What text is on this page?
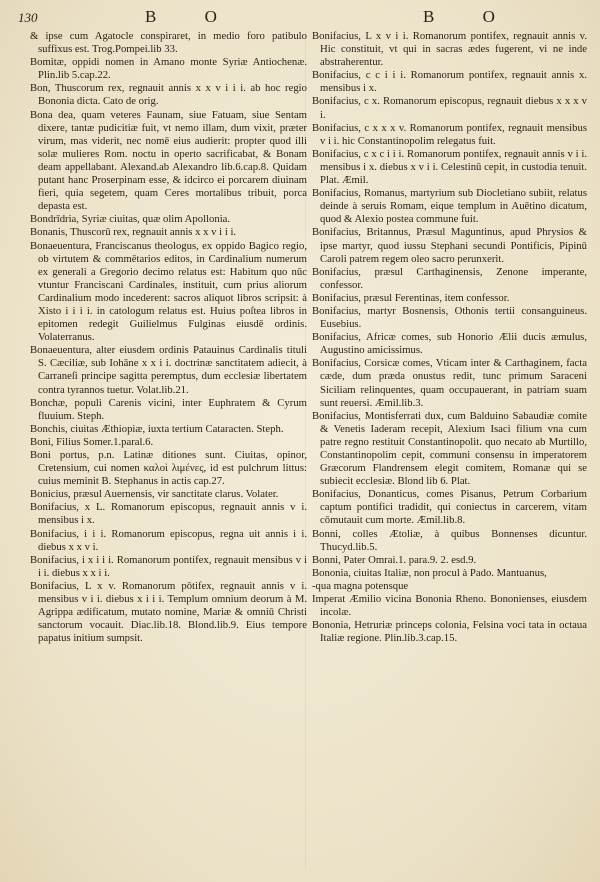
130	B O	B O

& ipse cum Agatocle conspiraret, in medio foro patibulo suffixus est. Trog.Pompei.lib 33.

Bomitæ, oppidi nomen in Amano monte Syriæ Antiochenæ. Plin.lib 5.cap.22.

Bon, Thuscorum rex, regnauit annis x x v i i i. ab hoc regio Bononia dicta. Cato de orig.

Bona dea, quam veteres Faunam, siue Fatuam, siue Sentam dixere, tantæ pudicitiæ fuit, vt nemo illam, dum vixit, præter virum, mas viderit, nec nomē eius audierit: propter quod illi solæ mulieres Rom. noctu in operto sacrificabat, & Bonam deam appellabant. Alexand.ab Alexandro lib.6.cap.8. Quidam putant hanc Proserpinam esse, & idcirco ei porcarem diuinam fieri, quia segetem, quam Ceres mortalibus tribuit, porca depasta est.

Bondrīdria, Syriæ ciuitas, quæ olim Apollonia.

Bonanis, Thuscorū rex, regnauit annis x x v i i i.

Bonaeuentura, Franciscanus theologus, ex oppido Bagico regio, ob virtutem & commētarios editos, in Cardinalium numerum ex generali a Gregorio decimo relatus est: Habitum quo nūc vtuntur Franciscani Cardinales, instituit, cum prius aliorum Cardinalium modo incederent: sacros aliquot libros scripsit: à Xisto i i i i. in catologum relatus est. Huius poſtea libros in epitomen redegit Guilielmus Fulginas eiusdē ordinis. Volaterranus.

Bonaeuentura, alter eiusdem ordinis Patauinus Cardinalis tituli S. Cæciliæ, sub Iohāne x x i i. doctrinæ sanctitatem adiecit, à Carraneſi principe sagitta peremptus, dum ecclesiæ libertatem contra tyrannos tuetur. Volat.lib.21.

Bonchæ, populi Carenis vicini, inter Euphratem & Cyrum fluuium. Steph.

Bonchis, ciuitas Æthiopiæ, iuxta tertium Cataracten. Steph.

Boni, Filius Somer.1.paral.6.

Boni portus, p.n. Latinæ ditiones sunt. Ciuitas, opinor, Cretensium, cui nomen καλοὶ λιμένες, id est pulchrum littus: cuius meminit B. Stephanus in actis cap.27.

Bonicius, præsul Auernensis, vir sanctitate clarus. Volater.

Bonifacius, x L. Romanorum episcopus, regnauit annis v i. mensibus i x.

Bonifacius, i i i. Romanorum episcopus, regna uit annis i i. diebus x x v i.

Bonifacius, i x i i i. Romanorum pontifex, regnauit mensibus v i i i. diebus x x i i.

Bonifacius, L x v. Romanorum pōtifex, regnauit annis v i. mensibus v i i. diebus x i i i. Templum omnium deorum à M. Agrippa ædificatum, mutato nomine, Mariæ & omniū Christi sanctorum vocauit. Diac.lib.18. Blond.lib.9. Eius tempore papatus initium sumpsit.

Bonifacius, L x v i i. Romanorum pontifex, regnauit annis v. Hic constituit, vt qui in sacras ædes fugerent, vi ne inde abstraherentur.

Bonifacius, c c i i i. Romanorum pontifex, regnauit annis x. mensibus i x.

Bonifacius, c x. Romanorum episcopus, regnauit diebus x x x v i.

Bonifacius, c x x x v. Romanorum pontifex, regnauit mensibus v i i. hic Constantinopolim relegatus fuit.

Bonifacius, c x c i i i. Romanorum pontifex, regnauit annis v i i. mensibus i x. diebus x v i i. Celestinū cepit, in custodia tenuit. Plat. Æmil.

Bonifacius, Romanus, martyrium sub Diocletiano subiit, relatus deinde à seruis Romam, eique templum in Auētino dicatum, quod & Alexio postea commune fuit.

Bonifacius, Britannus, Præsul Maguntinus, apud Phrysios & ipse martyr, quod iussu Stephani secundi Pontificis, Pipinū Caroli patrem regem oleo sacro perunxerit.

Bonifacius, præsul Carthaginensis, Zenone imperante, confessor.

Bonifacius, præsul Ferentinas, item confessor.

Bonifacius, martyr Bosnensis, Othonis tertii consanguineus. Eusebius.

Bonifacius, Africæ comes, sub Honorio Ælii ducis æmulus, Augustino amicissimus.

Bonifacius, Corsicæ comes, Vticam inter & Carthaginem, facta cæde, dum præda onustus redit, tunc primum Saraceni Siciliam relinquentes, quam occupauerant, in patriam suam sunt reuersi. Æmil.lib.3.

Bonifacius, Montisferrati dux, cum Balduino Sabaudiæ comite & Venetis Iaderam recepit, Alexium Isaci filium vna cum patre regno restituit Constantinopolit. quo necato ab Murtillo, Constantinopolim cepit, communi consensu in imperatorem Græcorum Flandrensem elegit comitem, Romanæ qui se subiecit ecclesiæ. Blond lib 6. Plat.

Bonifacius, Donanticus, comes Pisanus, Petrum Corbarium captum pontifici tradidit, qui coniectus in carcerem, vitam cōmutauit cum morte. Æmil.lib.8.

Bonni, colles Ætoliæ, à quibus Bonnenses dicuntur. Thucyd.lib.5.

Bonni, Pater Omrai.1. para.9. 2. esd.9.

Bononia, ciuitas Italiæ, non procul à Pado. Mantuanus,

-qua magna potensque

Imperat Æmilio vicina Bononia Rheno. Bononienses, eiusdem incolæ.

Bononia, Hetruriæ princeps colonia, Felsina voci tata in octaua Italiæ regione. Plin.lib.3.cap.15.
